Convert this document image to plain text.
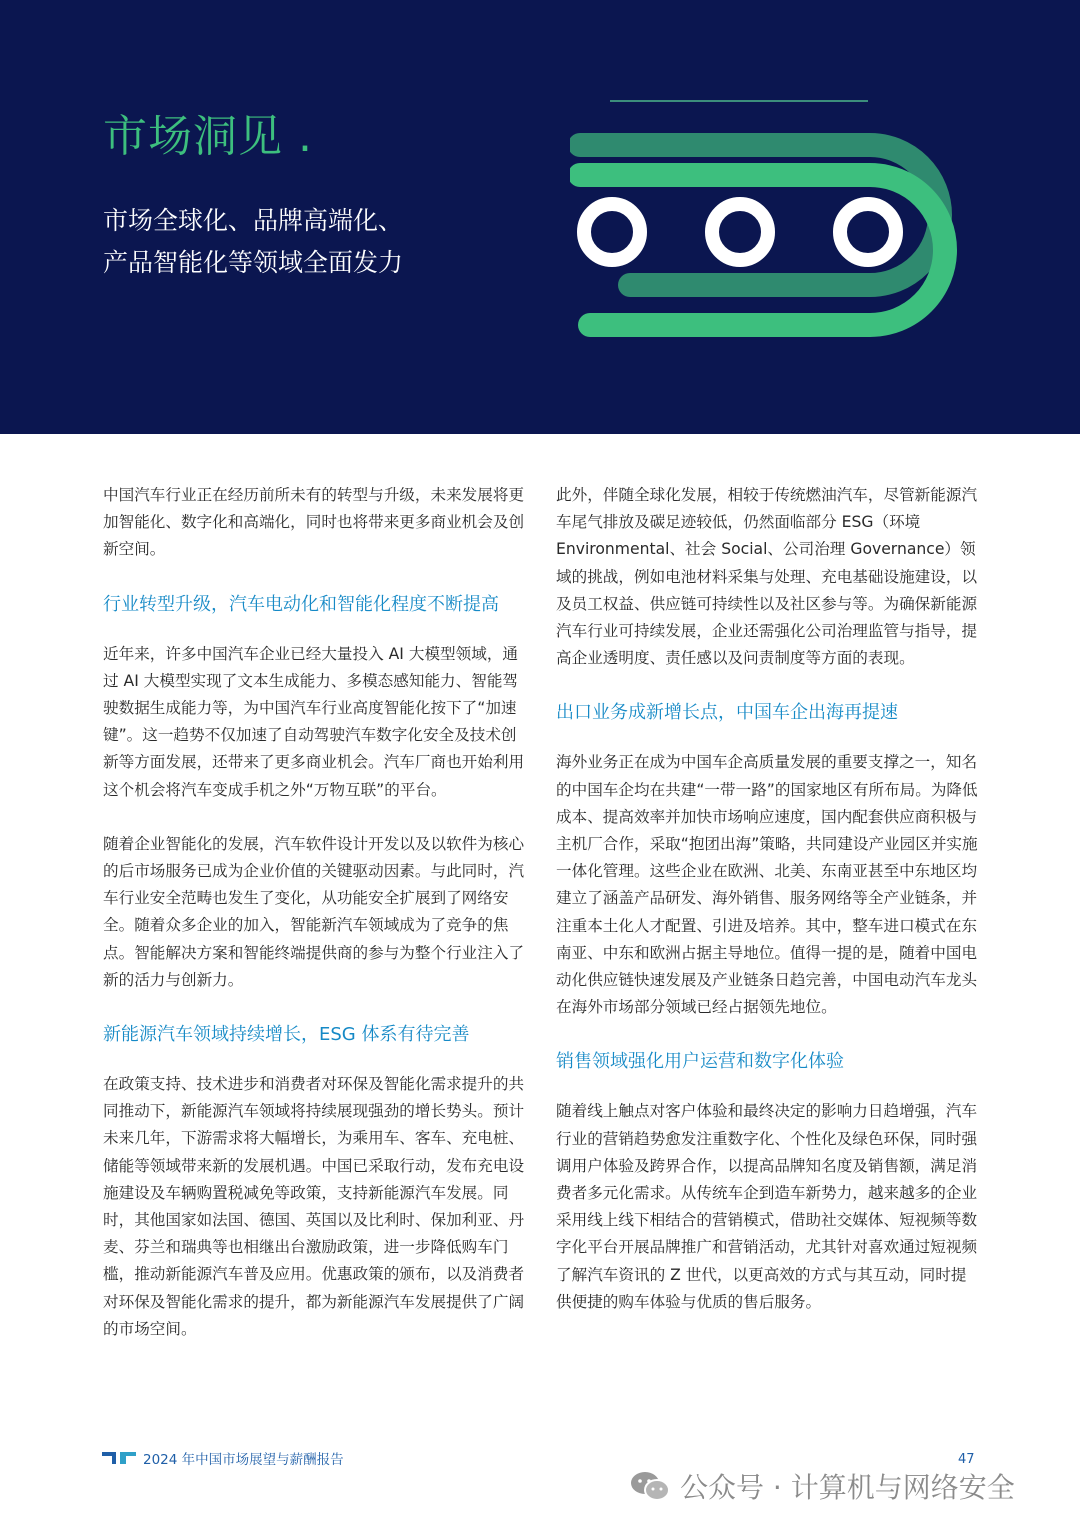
市场洞见 .
市场全球化、品牌高端化、
产品智能化等领域全面发力

中国汽车行业正在经历前所未有的转型与升级，未来发展将更加智能化、数字化和高端化，同时也将带来更多商业机会及创新空间。

行业转型升级，汽车电动化和智能化程度不断提高

近年来，许多中国汽车企业已经大量投入 AI 大模型领域，通过 AI 大模型实现了文本生成能力、多模态感知能力、智能驾驶数据生成能力等，为中国汽车行业高度智能化按下了“加速键”。这一趋势不仅加速了自动驾驶汽车数字化安全及技术创新等方面发展，还带来了更多商业机会。汽车厂商也开始利用这个机会将汽车变成手机之外“万物互联”的平台。

随着企业智能化的发展，汽车软件设计开发以及以软件为核心的后市场服务已成为企业价值的关键驱动因素。与此同时，汽车行业安全范畴也发生了变化，从功能安全扩展到了网络安全。随着众多企业的加入，智能新汽车领域成为了竞争的焦点。智能解决方案和智能终端提供商的参与为整个行业注入了新的活力与创新力。

新能源汽车领域持续增长，ESG 体系有待完善

在政策支持、技术进步和消费者对环保及智能化需求提升的共同推动下，新能源汽车领域将持续展现强劲的增长势头。预计未来几年，下游需求将大幅增长，为乘用车、客车、充电桩、储能等领域带来新的发展机遇。中国已采取行动，发布充电设施建设及车辆购置税减免等政策，支持新能源汽车发展。同时，其他国家如法国、德国、英国以及比利时、保加利亚、丹麦、芬兰和瑞典等也相继出台激励政策，进一步降低购车门槛，推动新能源汽车普及应用。优惠政策的颁布，以及消费者对环保及智能化需求的提升，都为新能源汽车发展提供了广阔的市场空间。

此外，伴随全球化发展，相较于传统燃油汽车，尽管新能源汽车尾气排放及碳足迹较低，仍然面临部分 ESG（环境 Environmental、社会 Social、公司治理 Governance）领域的挑战，例如电池材料采集与处理、充电基础设施建设，以及员工权益、供应链可持续性以及社区参与等。为确保新能源汽车行业可持续发展，企业还需强化公司治理监管与指导，提高企业透明度、责任感以及问责制度等方面的表现。

出口业务成新增长点，中国车企出海再提速

海外业务正在成为中国车企高质量发展的重要支撑之一，知名的中国车企均在共建“一带一路”的国家地区有所布局。为降低成本、提高效率并加快市场响应速度，国内配套供应商积极与主机厂合作，采取“抱团出海”策略，共同建设产业园区并实施一体化管理。这些企业在欧洲、北美、东南亚甚至中东地区均建立了涵盖产品研发、海外销售、服务网络等全产业链条，并注重本土化人才配置、引进及培养。其中，整车进口模式在东南亚、中东和欧洲占据主导地位。值得一提的是，随着中国电动化供应链快速发展及产业链条日趋完善，中国电动汽车龙头在海外市场部分领域已经占据领先地位。

销售领域强化用户运营和数字化体验

随着线上触点对客户体验和最终决定的影响力日趋增强，汽车行业的营销趋势愈发注重数字化、个性化及绿色环保，同时强调用户体验及跨界合作，以提高品牌知名度及销售额，满足消费者多元化需求。从传统车企到造车新势力，越来越多的企业采用线上线下相结合的营销模式，借助社交媒体、短视频等数字化平台开展品牌推广和营销活动，尤其针对喜欢通过短视频了解汽车资讯的 Z 世代，以更高效的方式与其互动，同时提供便捷的购车体验与优质的售后服务。

2024 年中国市场展望与薪酬报告	47
公众号 · 计算机与网络安全
